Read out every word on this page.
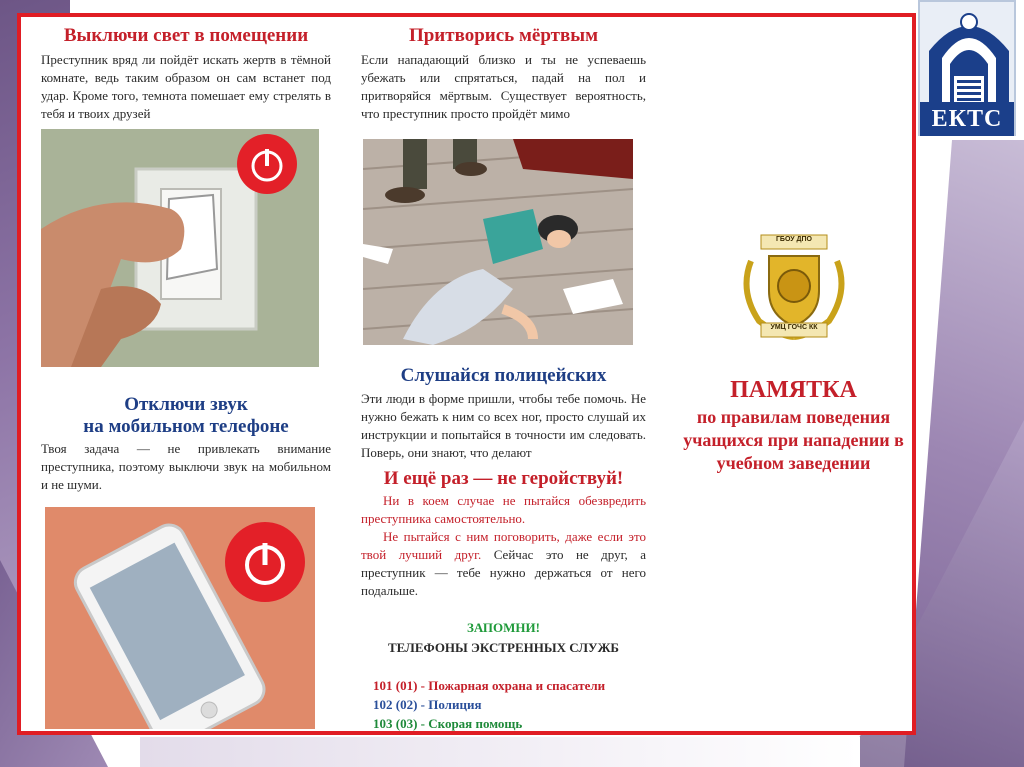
ЕКТС
Выключи свет в помещении

Преступник вряд ли пойдёт искать жертв в тёмной комнате, ведь таким образом он сам встанет под удар. Кроме того, темнота помешает ему стрелять в тебя и твоих друзей

Отключи звук
на мобильном телефоне

Твоя задача — не привлекать внимание преступника, поэтому выключи звук на мобильном и не шуми.

Притворись мёртвым

Если нападающий близко и ты не успеваешь убежать или спрятаться, падай на пол и притворяйся мёртвым. Существует вероятность, что преступник просто пройдёт мимо

Слушайся полицейских

Эти люди в форме пришли, чтобы тебе помочь. Не нужно бежать к ним со всех ног, просто слушай их инструкции и попытайся в точности им следовать. Поверь, они знают, что делают

И ещё раз — не геройствуй!

Ни в коем случае не пытайся обезвредить преступника самостоятельно.

Не пытайся с ним поговорить, даже если это твой лучший друг. Сейчас это не друг, а преступник — тебе нужно держаться от него подальше.

ЗАПОМНИ!
ТЕЛЕФОНЫ ЭКСТРЕННЫХ СЛУЖБ
101 (01) - Пожарная охрана и спасатели
102 (02) - Полиция
103 (03) - Скорая помощь
ГБОУ ДПО
УМЦ ГОЧС КК
ПАМЯТКА
по правилам поведения
учащихся при нападении в
учебном заведении
